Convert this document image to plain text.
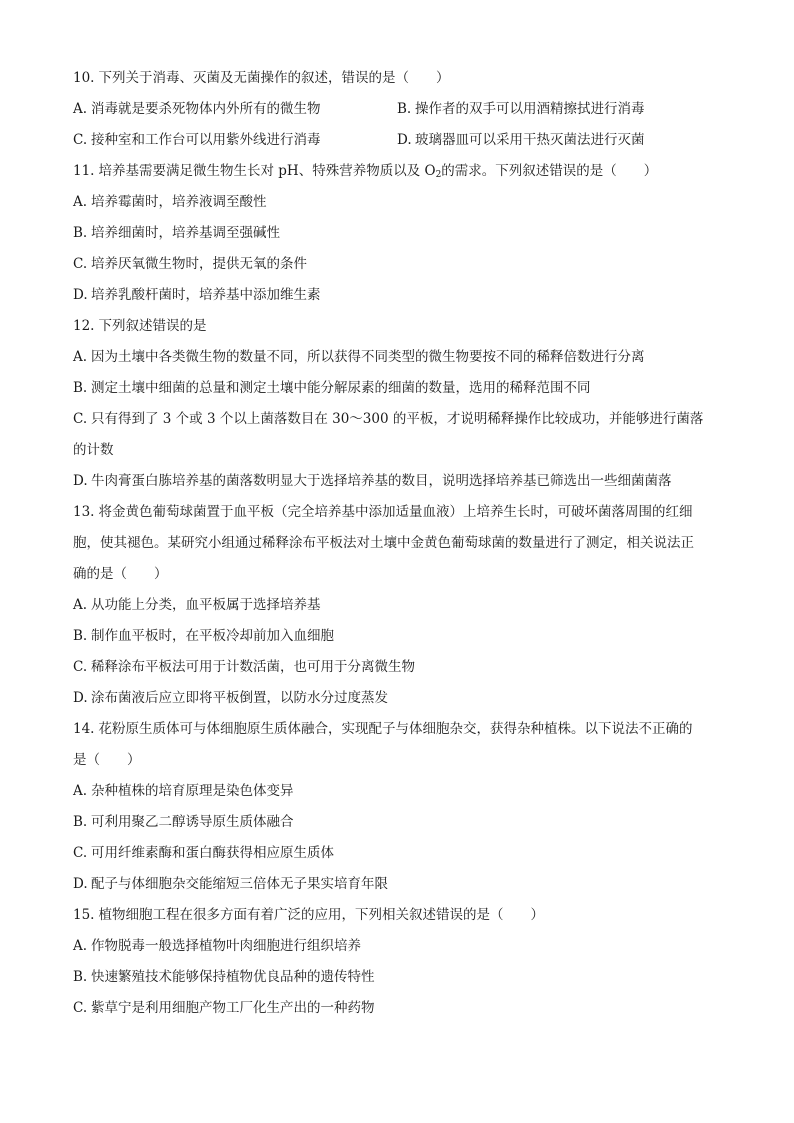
10. 下列关于消毒、灭菌及无菌操作的叙述，错误的是（　　）
A. 消毒就是要杀死物体内外所有的微生物	B. 操作者的双手可以用酒精擦拭进行消毒
C. 接种室和工作台可以用紫外线进行消毒	D. 玻璃器皿可以采用干热灭菌法进行灭菌
11. 培养基需要满足微生物生长对 pH、特殊营养物质以及 $O_2$的需求。下列叙述错误的是（　　）
A. 培养霉菌时，培养液调至酸性
B. 培养细菌时，培养基调至强碱性
C. 培养厌氧微生物时，提供无氧的条件
D. 培养乳酸杆菌时，培养基中添加维生素
12. 下列叙述错误的是
A. 因为土壤中各类微生物的数量不同，所以获得不同类型的微生物要按不同的稀释倍数进行分离
B. 测定土壤中细菌的总量和测定土壤中能分解尿素的细菌的数量，选用的稀释范围不同
C. 只有得到了 3 个或 3 个以上菌落数目在 30～300 的平板，才说明稀释操作比较成功，并能够进行菌落
的计数
D. 牛肉膏蛋白胨培养基的菌落数明显大于选择培养基的数目，说明选择培养基已筛选出一些细菌菌落
13. 将金黄色葡萄球菌置于血平板（完全培养基中添加适量血液）上培养生长时，可破坏菌落周围的红细
胞，使其褪色。某研究小组通过稀释涂布平板法对土壤中金黄色葡萄球菌的数量进行了测定，相关说法正
确的是（　　）
A. 从功能上分类，血平板属于选择培养基
B. 制作血平板时，在平板冷却前加入血细胞
C. 稀释涂布平板法可用于计数活菌，也可用于分离微生物
D. 涂布菌液后应立即将平板倒置，以防水分过度蒸发
14. 花粉原生质体可与体细胞原生质体融合，实现配子与体细胞杂交，获得杂种植株。以下说法不正确的
是（　　）
A. 杂种植株的培育原理是染色体变异
B. 可利用聚乙二醇诱导原生质体融合
C. 可用纤维素酶和蛋白酶获得相应原生质体
D. 配子与体细胞杂交能缩短三倍体无子果实培育年限
15. 植物细胞工程在很多方面有着广泛的应用，下列相关叙述错误的是（　　）
A. 作物脱毒一般选择植物叶肉细胞进行组织培养
B. 快速繁殖技术能够保持植物优良品种的遗传特性
C. 紫草宁是利用细胞产物工厂化生产出的一种药物
